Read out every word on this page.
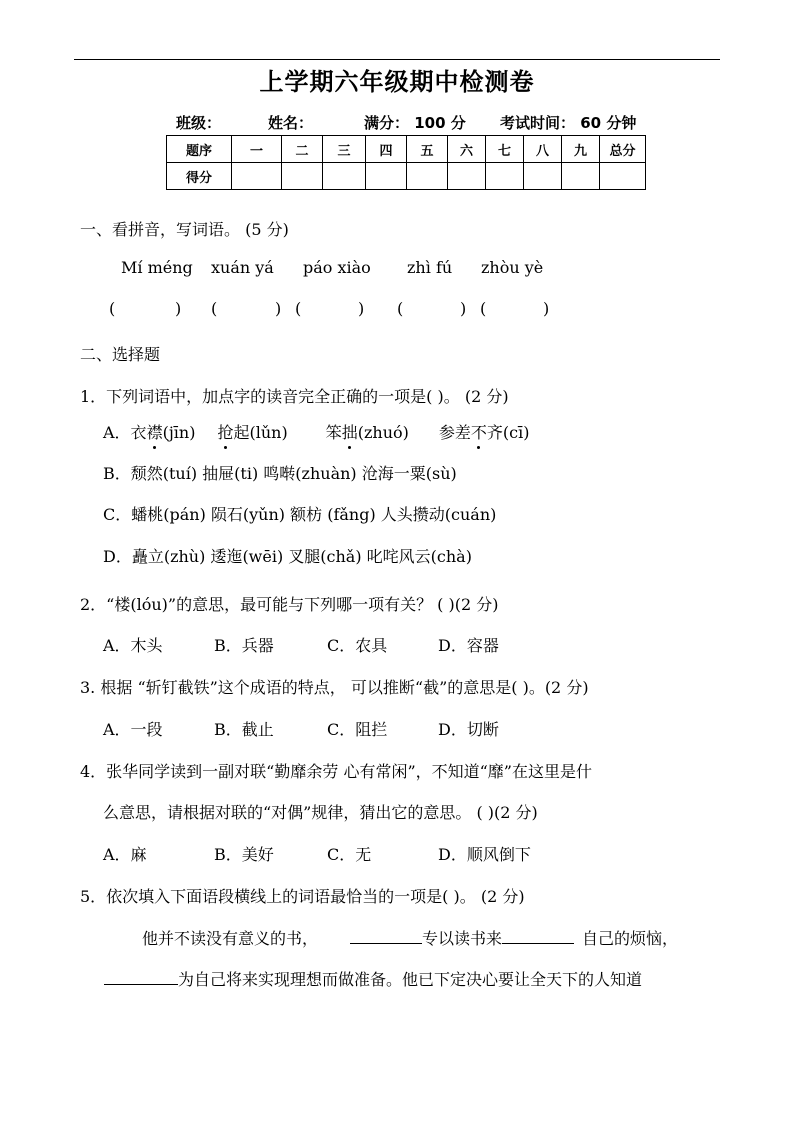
上学期六年级期中检测卷
班级：	姓名：	满分： 100 分 考试时间： 60 分钟
题序	一	二	三	四	五	六	七	八	九	总分
得分										
一、看拼音，写词语。 (5 分)
Mí méng xuán yá páo xiào zhì fú zhòu yè
(	) (	) (	) (	) (	)
二、选择题
1．下列词语中，加点字的读音完全正确的一项是( )。 (2 分)
A．衣襟(jīn) 抢起(lǔn) 笨拙(zhuó) 参差不齐(cī)
B．颓然(tuí) 抽屉(ti) 鸣啭(zhuàn) 沧海一粟(sù)
C．蟠桃(pán) 陨石(yǔn) 额枋 (fǎng) 人头攒动(cuán)
D．矗立(zhù) 逶迤(wēi) 叉腿(chǎ) 叱咤风云(chà)
2．“楼(lóu)”的意思，最可能与下列哪一项有关？ ( )(2 分)
A．木头	B．兵器	C．农具	D．容器
3. 根据 “斩钉截铁”这个成语的特点， 可以推断“截”的意思是( )。(2 分)
A．一段	B．截止	C．阻拦	D．切断
4．张华同学读到一副对联“勤靡余劳 心有常闲”，不知道“靡”在这里是什
么意思，请根据对联的“对偶”规律，猜出它的意思。 ( )(2 分)
A．麻	B．美好	C．无	D．顺风倒下
5．依次填入下面语段横线上的词语最恰当的一项是( )。 (2 分)
他并不读没有意义的书，	专以读书来	自己的烦恼，
为自己将来实现理想而做准备。他已下定决心要让全天下的人知道
